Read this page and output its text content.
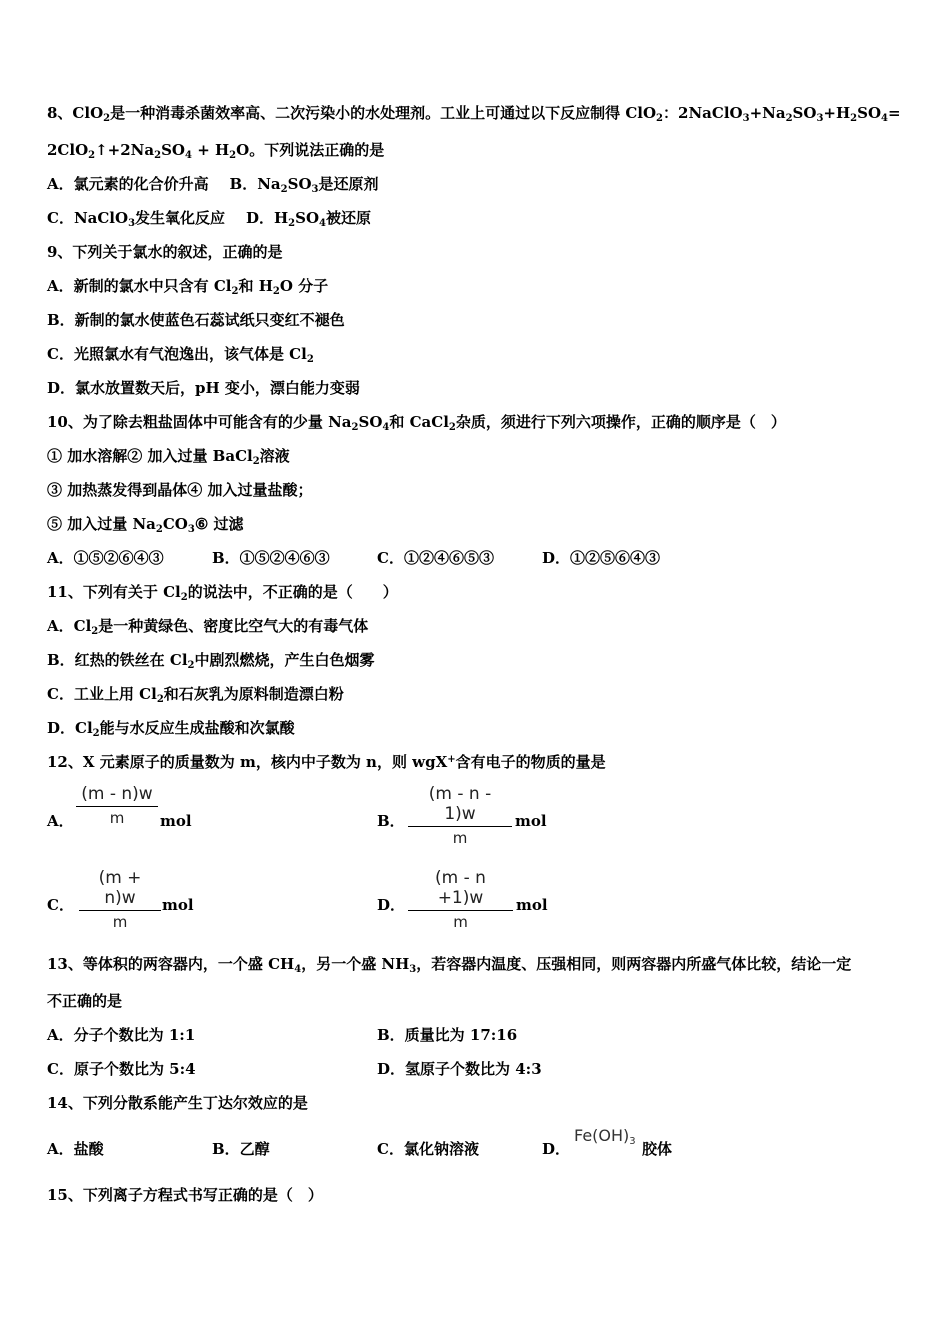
8、ClO$_2$是一种消毒杀菌效率高、二次污染小的水处理剂。工业上可通过以下反应制得 ClO$_2$：$2NaClO_3+Na_2SO_3+H_2SO_4=$
$2ClO_2↑+2Na_2SO_4 + H_2O$。下列说法正确的是
A．氯元素的化合价升高 B．$Na_2SO_3$是还原剂
C．NaClO$_3$发生氧化反应 D．$H_2SO_4$被还原
9、下列关于氯水的叙述，正确的是
A．新制的氯水中只含有 $Cl_2$和 $H_2O$ 分子
B．新制的氯水使蓝色石蕊试纸只变红不褪色
C．光照氯水有气泡逸出，该气体是 $Cl_2$
D．氯水放置数天后，pH 变小，漂白能力变弱
10、为了除去粗盐固体中可能含有的少量 $Na_2SO_4$和 CaCl$_2$杂质，须进行下列六项操作，正确的顺序是（　）
① 加水溶解② 加入过量 BaCl$_2$溶液
③ 加热蒸发得到晶体④ 加入过量盐酸；
⑤ 加入过量 $Na_2CO_3⑥$ 过滤
A．①⑤②⑥④③	B．①⑤②④⑥③	C．①②④⑥⑤③	D．①②⑤⑥④③
11、下列有关于 $Cl_2$的说法中，不正确的是（　　）
A．$Cl_2$是一种黄绿色、密度比空气大的有毒气体
B．红热的铁丝在 $Cl_2$中剧烈燃烧，产生白色烟雾
C．工业上用 $Cl_2$和石灰乳为原料制造漂白粉
D．$Cl_2$能与水反应生成盐酸和次氯酸
12、X 元素原子的质量数为 m，核内中子数为 n，则 wgX+含有电子的物质的量是
A．
(m - n)w
m	mol	B．
(m - n - 1)w
m
mol
C．
(m + n)w
m
mol	D．
(m - n +1)w
m
mol
13、等体积的两容器内，一个盛 $CH_4$，另一个盛 $NH_3$，若容器内温度、压强相同，则两容器内所盛气体比较，结论一定
不正确的是
A．分子个数比为 1:1	B．质量比为 17:16
C．原子个数比为 5:4	D．氢原子个数比为 4:3
14、下列分散系能产生丁达尔效应的是
A．盐酸	B．乙醇	C．氯化钠溶液	D．
$Fe(OH)_3$ 胶体
15、下列离子方程式书写正确的是（　）
